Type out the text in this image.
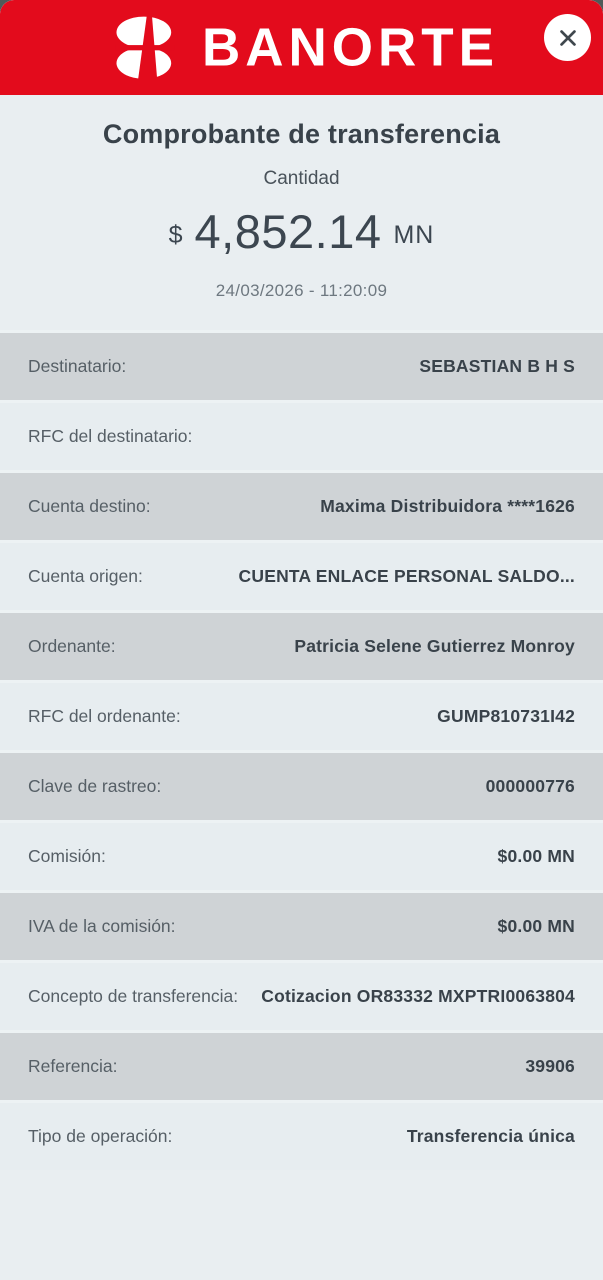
BANORTE
Comprobante de transferencia
Cantidad
$ 4,852.14 MN
24/03/2026 - 11:20:09
Destinatario:	SEBASTIAN B H S
RFC del destinatario:
Cuenta destino:	Maxima Distribuidora ****1626
Cuenta origen:	CUENTA ENLACE PERSONAL SALDO...
Ordenante:	Patricia Selene Gutierrez Monroy
RFC del ordenante:	GUMP810731I42
Clave de rastreo:	000000776
Comisión:	$0.00 MN
IVA de la comisión:	$0.00 MN
Concepto de transferencia: Cotizacion OR83332 MXPTRI0063804
Referencia:	39906
Tipo de operación:	Transferencia única
